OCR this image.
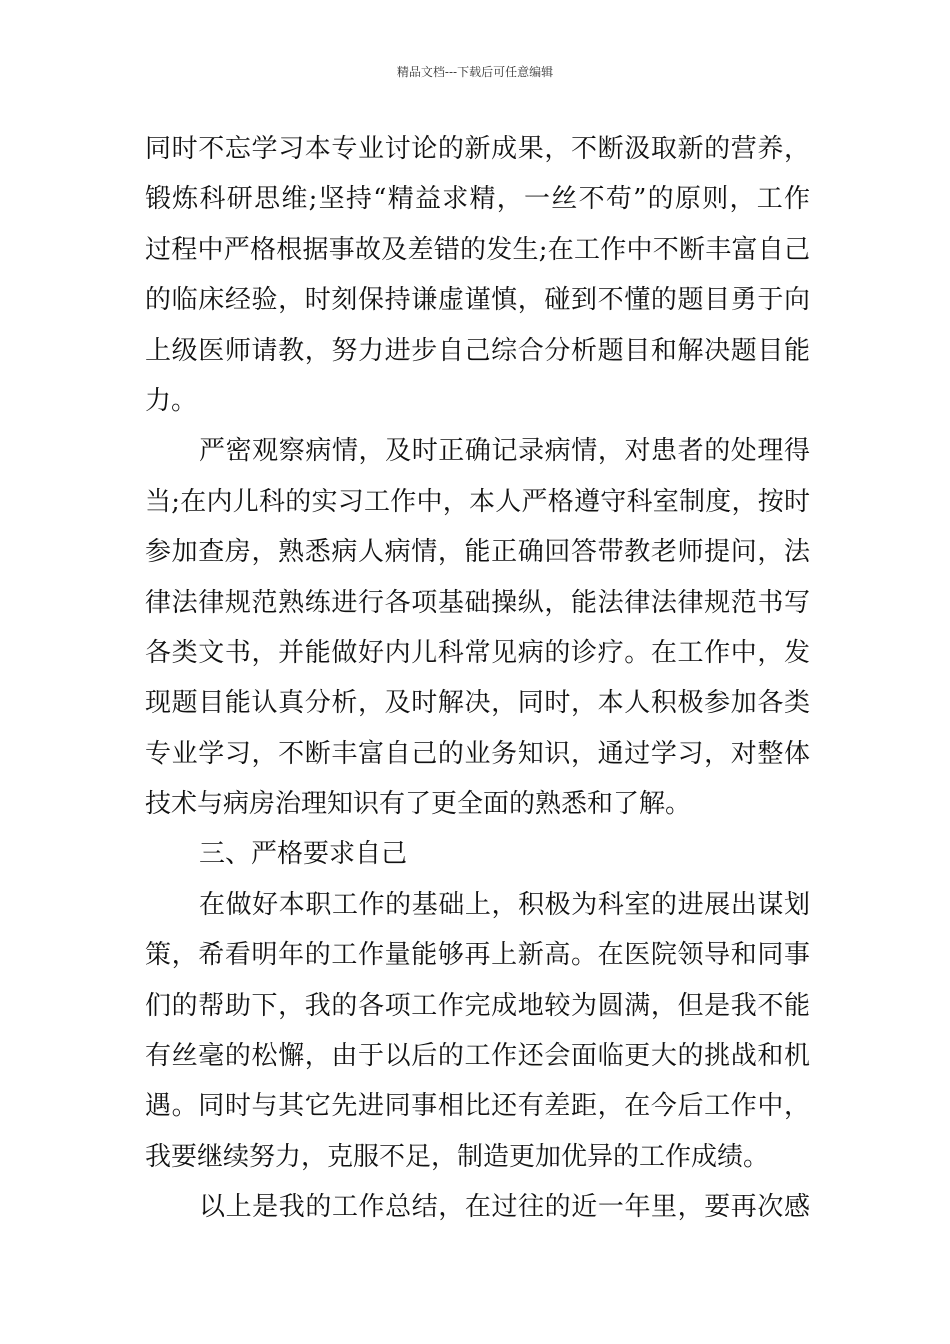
精品文档---下载后可任意编辑
同时不忘学习本专业讨论的新成果，不断汲取新的营养，
锻炼科研思维;坚持“精益求精，一丝不苟”的原则，工作
过程中严格根据事故及差错的发生;在工作中不断丰富自己
的临床经验，时刻保持谦虚谨慎，碰到不懂的题目勇于向
上级医师请教，努力进步自己综合分析题目和解决题目能
力。
严密观察病情，及时正确记录病情，对患者的处理得
当;在内儿科的实习工作中，本人严格遵守科室制度，按时
参加查房，熟悉病人病情，能正确回答带教老师提问，法
律法律规范熟练进行各项基础操纵，能法律法律规范书写
各类文书，并能做好内儿科常见病的诊疗。在工作中，发
现题目能认真分析，及时解决，同时，本人积极参加各类
专业学习，不断丰富自己的业务知识，通过学习，对整体
技术与病房治理知识有了更全面的熟悉和了解。
三、严格要求自己
在做好本职工作的基础上，积极为科室的进展出谋划
策，希看明年的工作量能够再上新高。在医院领导和同事
们的帮助下，我的各项工作完成地较为圆满，但是我不能
有丝毫的松懈，由于以后的工作还会面临更大的挑战和机
遇。同时与其它先进同事相比还有差距，在今后工作中，
我要继续努力，克服不足，制造更加优异的工作成绩。
以上是我的工作总结，在过往的近一年里，要再次感
